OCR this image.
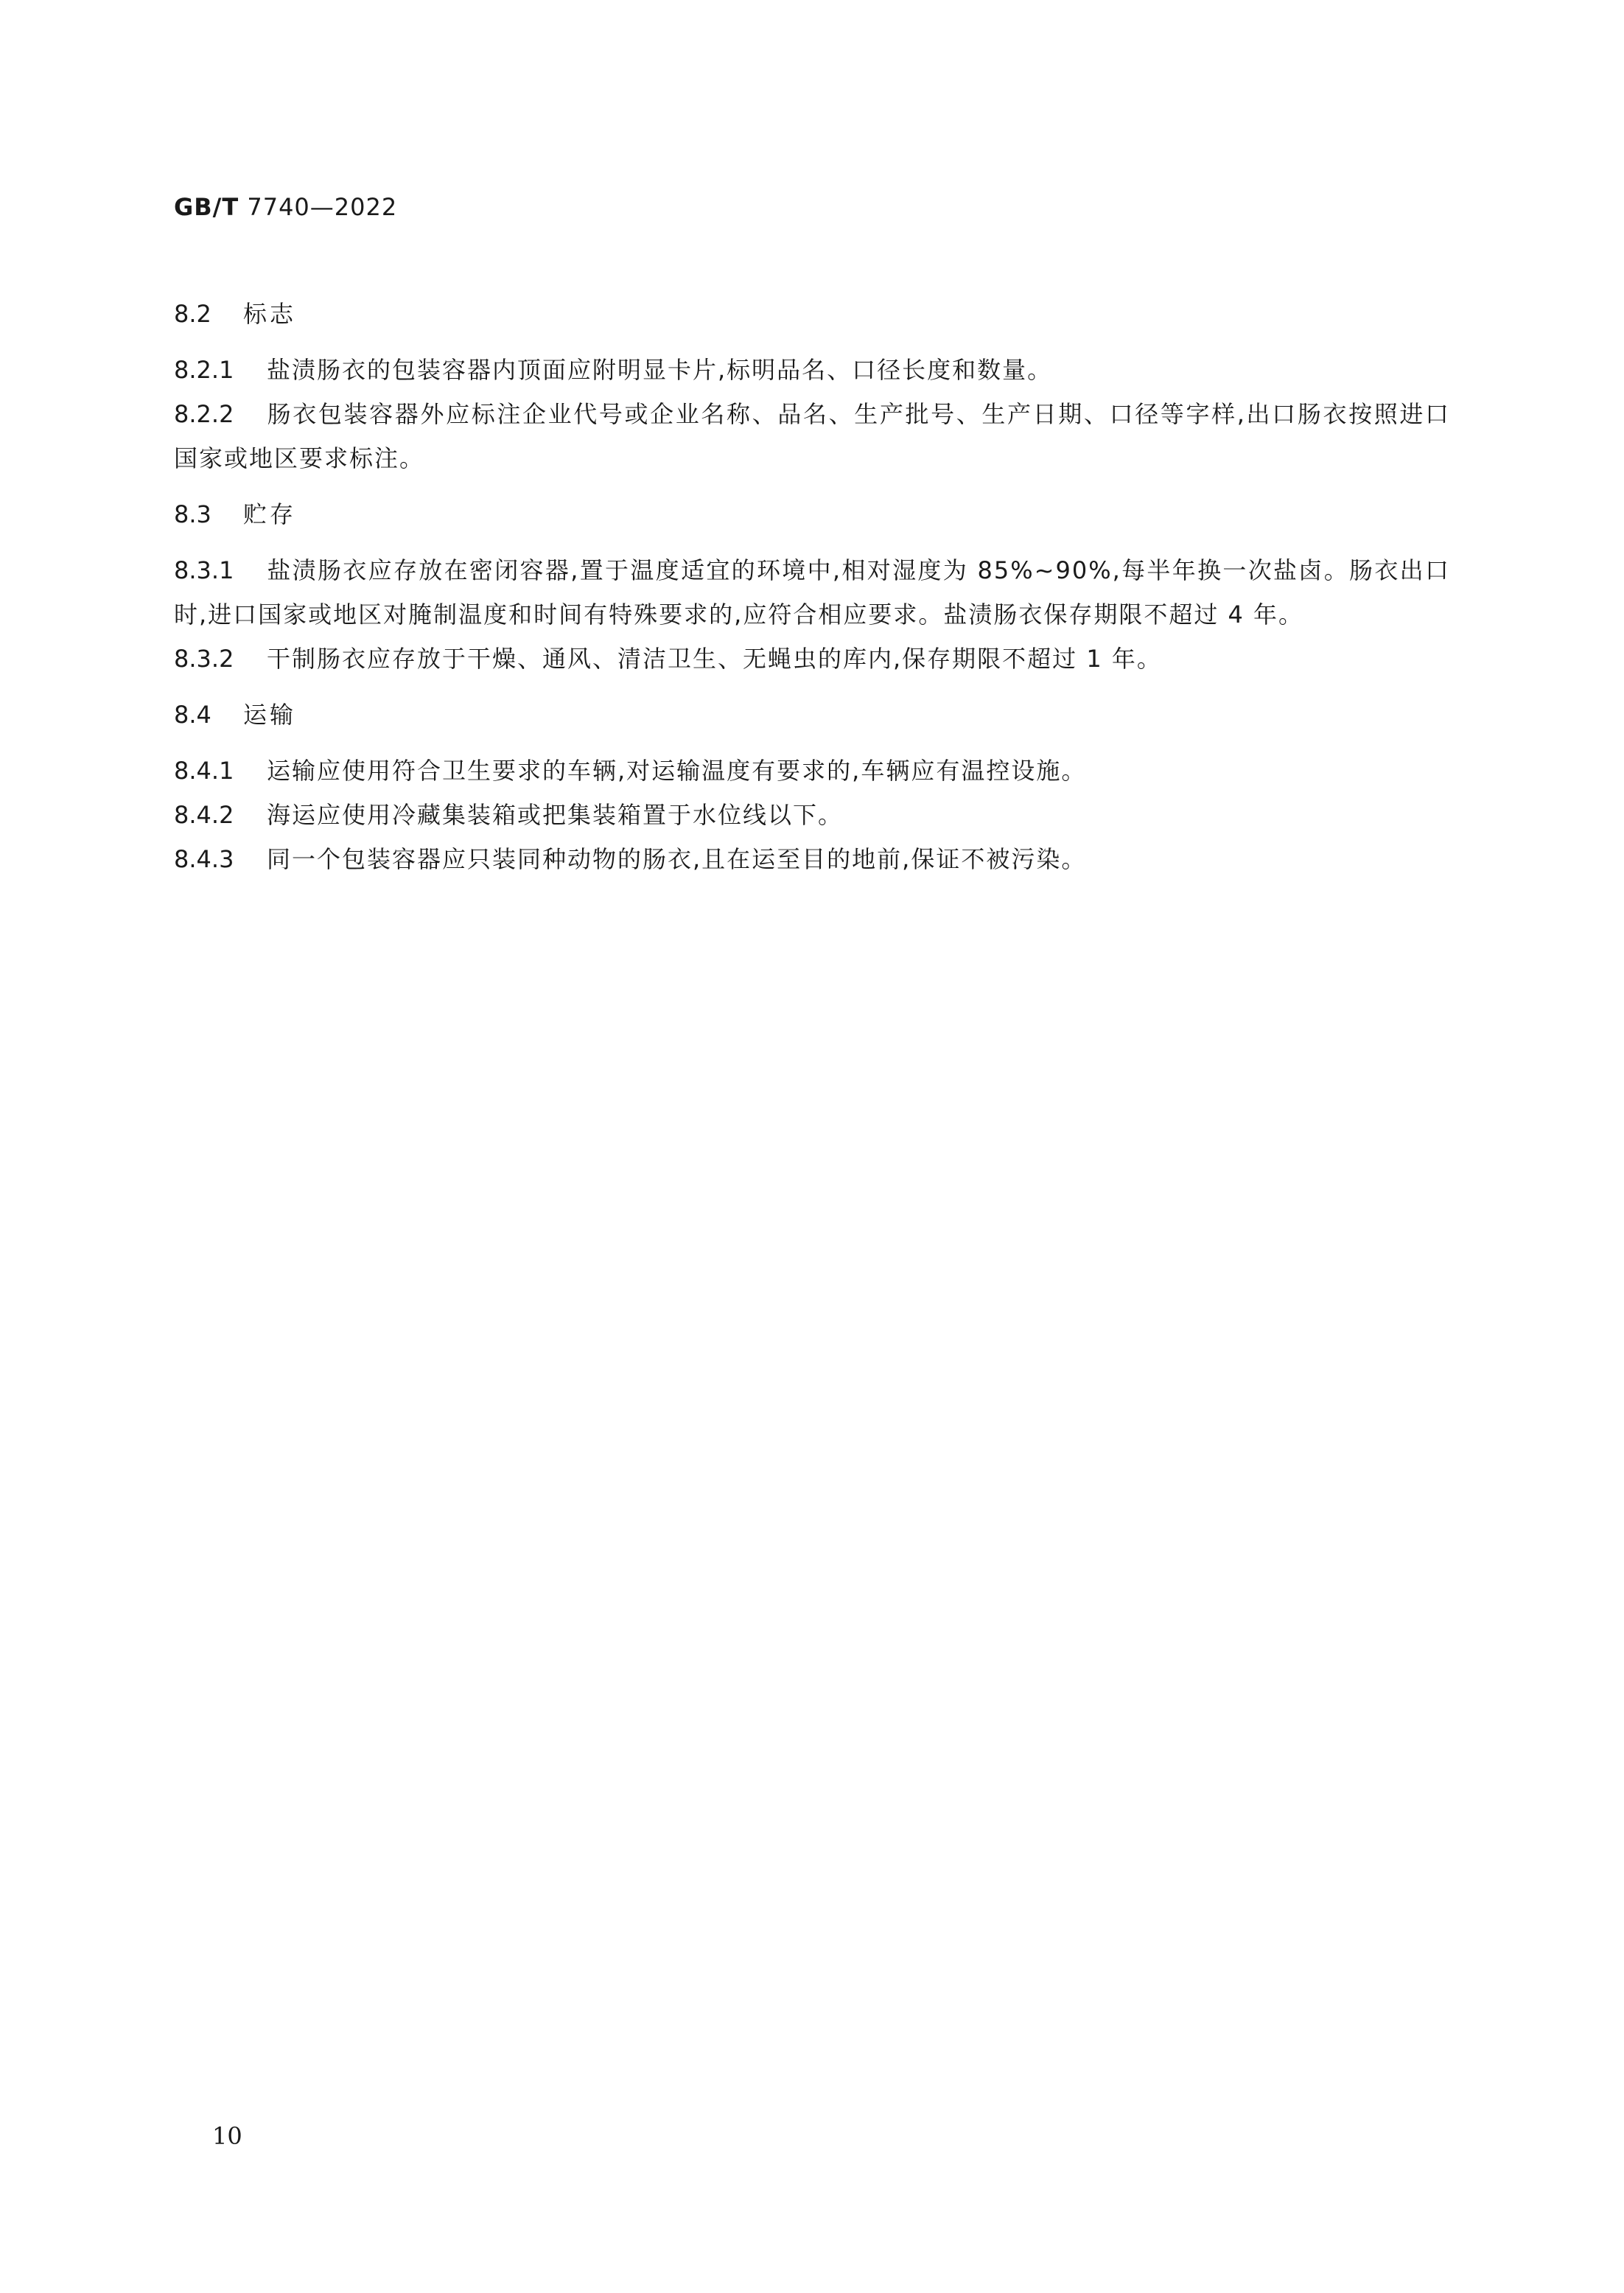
GB/T 7740—2022
8.2	标志

8.2.1 盐渍肠衣的包装容器内顶面应附明显卡片,标明品名、口径长度和数量。

8.2.2 肠衣包装容器外应标注企业代号或企业名称、品名、生产批号、生产日期、口径等字样,出口肠衣按照进口国家或地区要求标注。

8.3	贮存

8.3.1 盐渍肠衣应存放在密闭容器,置于温度适宜的环境中,相对湿度为 85%~90%,每半年换一次盐卤。肠衣出口时,进口国家或地区对腌制温度和时间有特殊要求的,应符合相应要求。盐渍肠衣保存期限不超过 4 年。

8.3.2 干制肠衣应存放于干燥、通风、清洁卫生、无蝇虫的库内,保存期限不超过 1 年。

8.4	运输

8.4.1 运输应使用符合卫生要求的车辆,对运输温度有要求的,车辆应有温控设施。

8.4.2 海运应使用冷藏集装箱或把集装箱置于水位线以下。

8.4.3 同一个包装容器应只装同种动物的肠衣,且在运至目的地前,保证不被污染。

10
